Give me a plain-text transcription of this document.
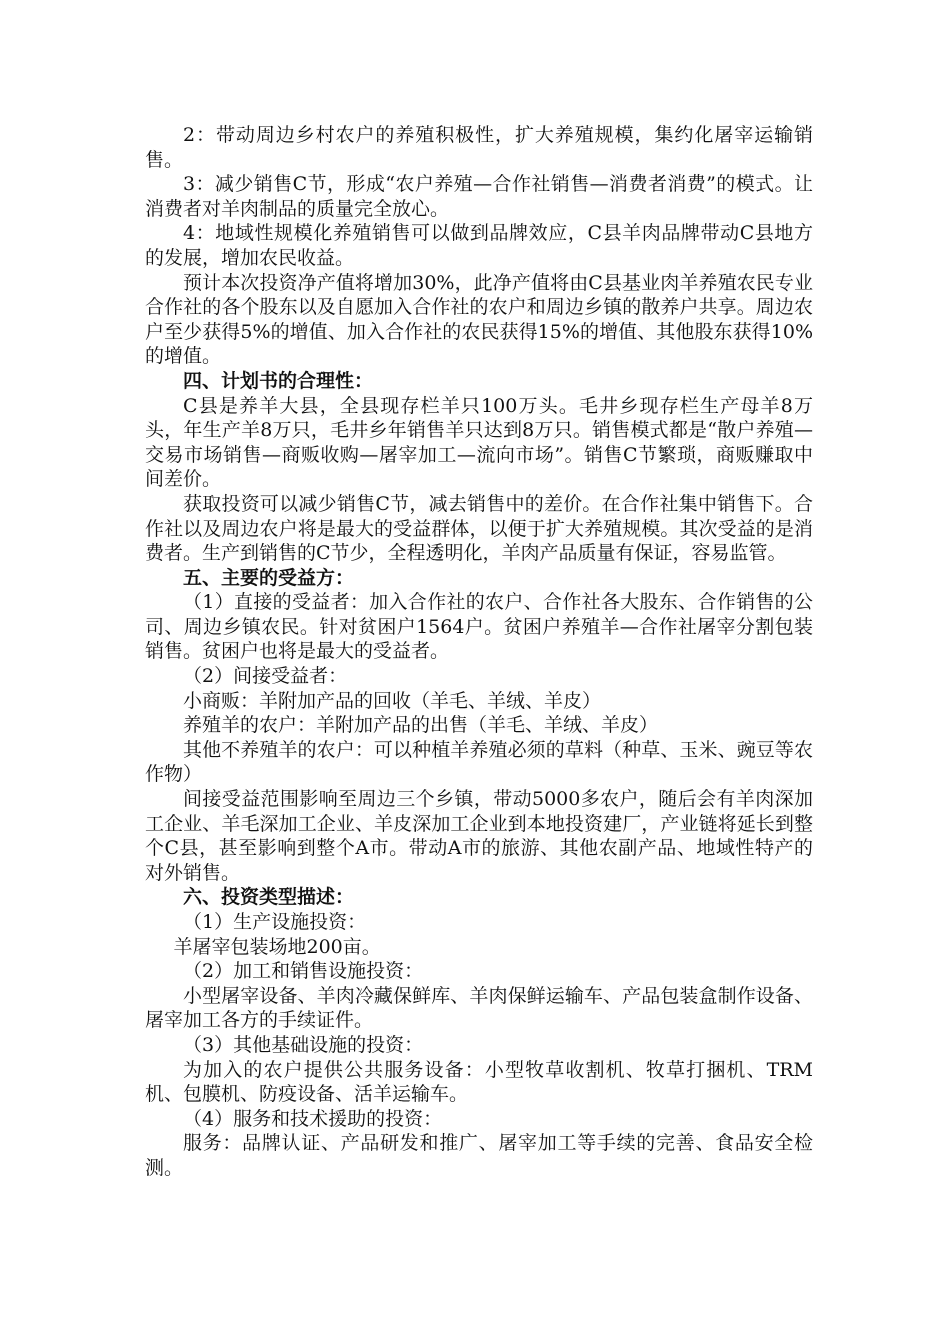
2：带动周边乡村农户的养殖积极性，扩大养殖规模，集约化屠宰运输销售。

3：减少销售C节，形成“农户养殖—合作社销售—消费者消费”的模式。让消费者对羊肉制品的质量完全放心。

4：地域性规模化养殖销售可以做到品牌效应，C县羊肉品牌带动C县地方的发展，增加农民收益。

预计本次投资净产值将增加30%，此净产值将由C县基业肉羊养殖农民专业合作社的各个股东以及自愿加入合作社的农户和周边乡镇的散养户共享。周边农户至少获得5%的增值、加入合作社的农民获得15%的增值、其他股东获得10%的增值。

四、计划书的合理性：

C县是养羊大县，全县现存栏羊只100万头。毛井乡现存栏生产母羊8万头，年生产羊8万只，毛井乡年销售羊只达到8万只。销售模式都是“散户养殖—交易市场销售—商贩收购—屠宰加工—流向市场”。销售C节繁琐，商贩赚取中间差价。

获取投资可以减少销售C节，减去销售中的差价。在合作社集中销售下。合作社以及周边农户将是最大的受益群体，以便于扩大养殖规模。其次受益的是消费者。生产到销售的C节少，全程透明化，羊肉产品质量有保证，容易监管。

五、主要的受益方：

（1）直接的受益者：加入合作社的农户、合作社各大股东、合作销售的公司、周边乡镇农民。针对贫困户1564户。贫困户养殖羊—合作社屠宰分割包装销售。贫困户也将是最大的受益者。

（2）间接受益者：

小商贩：羊附加产品的回收（羊毛、羊绒、羊皮）

养殖羊的农户：羊附加产品的出售（羊毛、羊绒、羊皮）

其他不养殖羊的农户：可以种植羊养殖必须的草料（种草、玉米、豌豆等农作物）

间接受益范围影响至周边三个乡镇，带动5000多农户，随后会有羊肉深加工企业、羊毛深加工企业、羊皮深加工企业到本地投资建厂，产业链将延长到整个C县，甚至影响到整个A市。带动A市的旅游、其他农副产品、地域性特产的对外销售。

六、投资类型描述：

（1）生产设施投资：

羊屠宰包装场地200亩。

（2）加工和销售设施投资：

小型屠宰设备、羊肉冷藏保鲜库、羊肉保鲜运输车、产品包装盒制作设备、屠宰加工各方的手续证件。

（3）其他基础设施的投资：

为加入的农户提供公共服务设备：小型牧草收割机、牧草打捆机、TRM机、包膜机、防疫设备、活羊运输车。

（4）服务和技术援助的投资：

服务：品牌认证、产品研发和推广、屠宰加工等手续的完善、食品安全检测。
